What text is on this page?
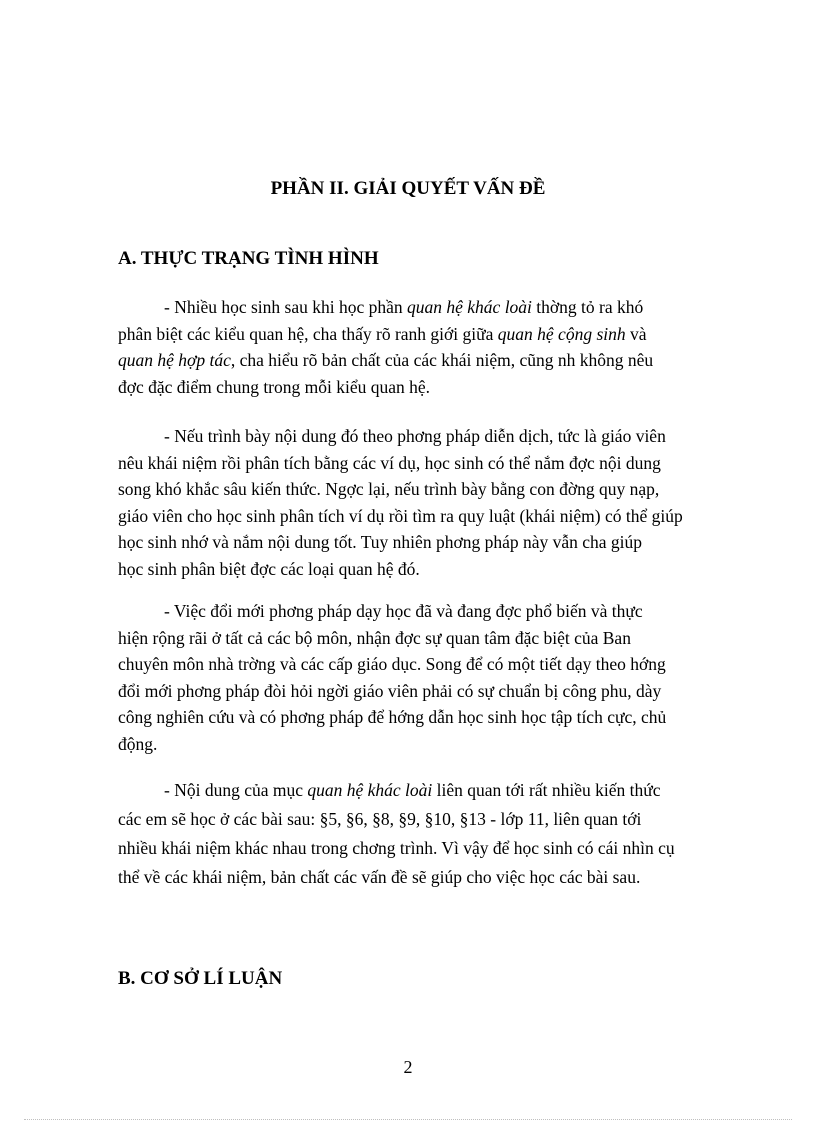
PHẦN II. GIẢI QUYẾT VẤN ĐỀ
A. THỰC TRẠNG TÌNH HÌNH

- Nhiều học sinh sau khi học phần quan hệ khác loài thờng tỏ ra khó
phân biệt các kiểu quan hệ, cha thấy rõ ranh giới giữa quan hệ cộng sinh và
quan hệ hợp tác, cha hiểu rõ bản chất của các khái niệm, cũng nh không nêu
đợc đặc điểm chung trong mỗi kiểu quan hệ.

- Nếu trình bày nội dung đó theo phơng pháp diễn dịch, tức là giáo viên
nêu khái niệm rồi phân tích bằng các ví dụ, học sinh có thể nắm đợc nội dung
song khó khắc sâu kiến thức. Ngợc lại, nếu trình bày bằng con đờng quy nạp,
giáo viên cho học sinh phân tích ví dụ rồi tìm ra quy luật (khái niệm) có thể giúp
học sinh nhớ và nắm nội dung tốt. Tuy nhiên phơng pháp này vẫn cha giúp
học sinh phân biệt đợc các loại quan hệ đó.

- Việc đổi mới phơng pháp dạy học đã và đang đợc phổ biến và thực
hiện rộng rãi ở tất cả các bộ môn, nhận đợc sự quan tâm đặc biệt của Ban
chuyên môn nhà trờng và các cấp giáo dục. Song để có một tiết dạy theo hớng
đổi mới phơng pháp đòi hỏi ngời giáo viên phải có sự chuẩn bị công phu, dày
công nghiên cứu và có phơng pháp để hớng dẫn học sinh học tập tích cực, chủ
động.

- Nội dung của mục quan hệ khác loài liên quan tới rất nhiều kiến thức
các em sẽ học ở các bài sau: §5, §6, §8, §9, §10, §13 - lớp 11, liên quan tới
nhiều khái niệm khác nhau trong chơng trình. Vì vậy để học sinh có cái nhìn cụ
thể về các khái niệm, bản chất các vấn đề sẽ giúp cho việc học các bài sau.

B. CƠ SỞ LÍ LUẬN
2
